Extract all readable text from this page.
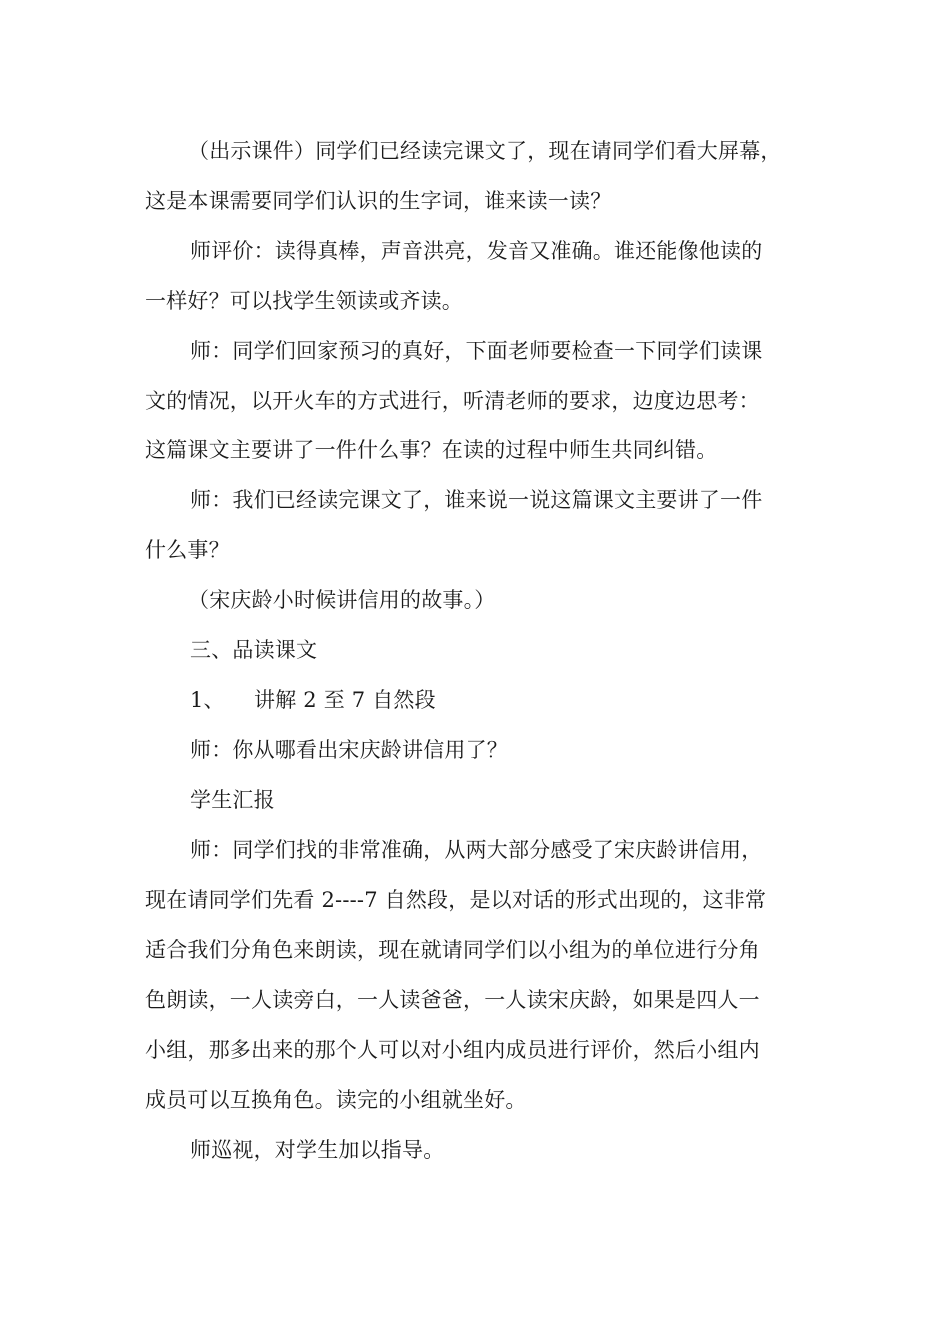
（出示课件）同学们已经读完课文了，现在请同学们看大屏幕，
这是本课需要同学们认识的生字词，谁来读一读？
师评价：读得真棒，声音洪亮，发音又准确。谁还能像他读的
一样好？可以找学生领读或齐读。
师：同学们回家预习的真好，下面老师要检查一下同学们读课
文的情况，以开火车的方式进行，听清老师的要求，边度边思考：
这篇课文主要讲了一件什么事？在读的过程中师生共同纠错。
师：我们已经读完课文了，谁来说一说这篇课文主要讲了一件
什么事？
（宋庆龄小时候讲信用的故事。）
三、品读课文
1、 讲解 2 至 7 自然段
师：你从哪看出宋庆龄讲信用了？
学生汇报
师：同学们找的非常准确，从两大部分感受了宋庆龄讲信用，
现在请同学们先看 2----7 自然段，是以对话的形式出现的，这非常
适合我们分角色来朗读，现在就请同学们以小组为的单位进行分角
色朗读，一人读旁白，一人读爸爸，一人读宋庆龄，如果是四人一
小组，那多出来的那个人可以对小组内成员进行评价，然后小组内
成员可以互换角色。读完的小组就坐好。
师巡视，对学生加以指导。
